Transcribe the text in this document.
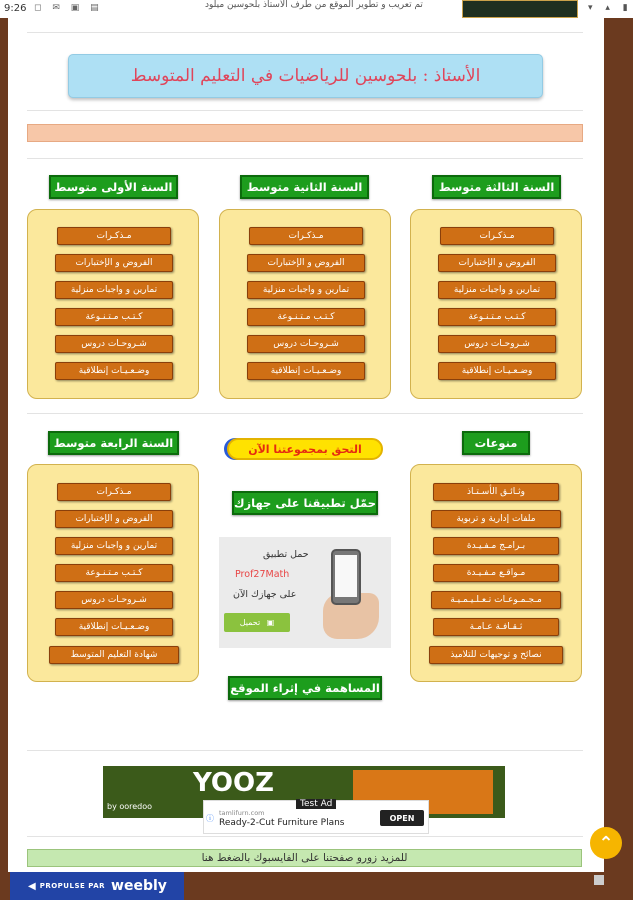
9:26 ◻ ✉ ▣ ▤	تم تعريب و تطوير الموقع من طرف الأستاذ بلحوسين ميلود	▾ ▴ ▮
الأستاذ : بلحوسين للرياضيات في التعليم المتوسط
السنة الأولى متوسط
مـذكـرات
الفروض و الإختبارات
تمارين و واجبات منزلية
كـتـب مـتـنـوعة
شـروحـات دروس
وضـعـيـات إنطلاقية
السنة الثانية متوسط
مـذكـرات
الفروض و الإختبارات
تمارين و واجبات منزلية
كـتـب مـتـنـوعة
شـروحـات دروس
وضـعـيـات إنطلاقية
السنة الثالثة متوسط
مـذكـرات
الفروض و الإختبارات
تمارين و واجبات منزلية
كـتـب مـتـنـوعة
شـروحـات دروس
وضـعـيـات إنطلاقية
السنة الرابعة متوسط
مـذكـرات
الفروض و الإختبارات
تمارين و واجبات منزلية
كـتـب مـتـنـوعة
شـروحـات دروس
وضـعـيـات إنطلاقية
شهادة التعليم المتوسط
التحق بمجموعتنا الآن
حمّل تطبيقنا على جهازك
حمل تطبيق
Prof27Math
على جهازك الآن
▣

تحميل
المساهمة في إثراء الموقع
منوعات
وثـائـق الأسـتـاذ
ملفات إدارية و تربوية
بـرامـج مـفـيـدة
مـواقـع مـفـيـدة
مـجـمـوعـات تـعـلـيـمـيـة
ثـقـافـة عـامـة
نصائح و توجيهات للتلاميذ
YOOZ
by ooredoo	Test Ad
ⓘ
tamlifurn.com
Ready-2-Cut Furniture Plans	OPEN
للمزيد زورو صفحتنا على الفايسبوك بالضغط هنا
◀ PROPULSE PAR weebly
⌃
